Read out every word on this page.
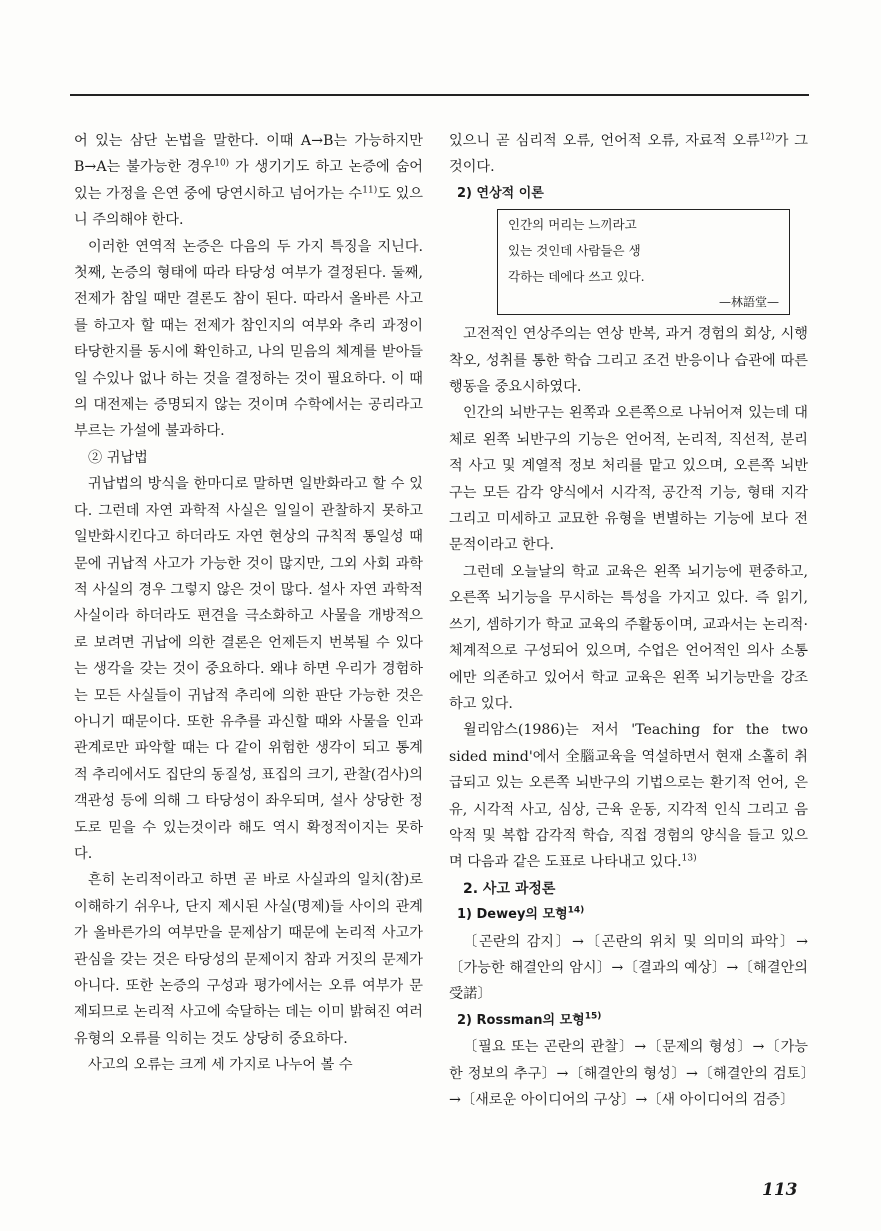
어 있는 삼단 논법을 말한다. 이때 A→B는 가능하지만 B→A는 불가능한 경우$^{10)}$ 가 생기기도 하고 논증에 숨어 있는 가정을 은연 중에 당연시하고 넘어가는 수$^{11)}$도 있으니 주의해야 한다.

이러한 연역적 논증은 다음의 두 가지 특징을 지닌다. 첫째, 논증의 형태에 따라 타당성 여부가 결정된다. 둘째, 전제가 참일 때만 결론도 참이 된다. 따라서 올바른 사고를 하고자 할 때는 전제가 참인지의 여부와 추리 과정이 타당한지를 동시에 확인하고, 나의 믿음의 체계를 받아들일 수있나 없나 하는 것을 결정하는 것이 필요하다. 이 때의 대전제는 증명되지 않는 것이며 수학에서는 공리라고 부르는 가설에 불과하다.

② 귀납법

귀납법의 방식을 한마디로 말하면 일반화라고 할 수 있다. 그런데 자연 과학적 사실은 일일이 관찰하지 못하고 일반화시킨다고 하더라도 자연 현상의 규칙적 통일성 때문에 귀납적 사고가 가능한 것이 많지만, 그외 사회 과학적 사실의 경우 그렇지 않은 것이 많다. 설사 자연 과학적 사실이라 하더라도 편견을 극소화하고 사물을 개방적으로 보려면 귀납에 의한 결론은 언제든지 번복될 수 있다는 생각을 갖는 것이 중요하다. 왜냐 하면 우리가 경험하는 모든 사실들이 귀납적 추리에 의한 판단 가능한 것은 아니기 때문이다. 또한 유추를 과신할 때와 사물을 인과 관계로만 파악할 때는 다 같이 위험한 생각이 되고 통계적 추리에서도 집단의 동질성, 표집의 크기, 관찰(검사)의 객관성 등에 의해 그 타당성이 좌우되며, 설사 상당한 정도로 믿을 수 있는것이라 해도 역시 확정적이지는 못하다.

흔히 논리적이라고 하면 곧 바로 사실과의 일치(참)로 이해하기 쉬우나, 단지 제시된 사실(명제)들 사이의 관계가 올바른가의 여부만을 문제삼기 때문에 논리적 사고가 관심을 갖는 것은 타당성의 문제이지 참과 거짓의 문제가 아니다. 또한 논증의 구성과 평가에서는 오류 여부가 문제되므로 논리적 사고에 숙달하는 데는 이미 밝혀진 여러 유형의 오류를 익히는 것도 상당히 중요하다.

사고의 오류는 크게 세 가지로 나누어 볼 수

있으니 곧 심리적 오류, 언어적 오류, 자료적 오류$^{12)}$가 그것이다.

2) 연상적 이론

인간의 머리는 느끼라고

있는 것인데 사람들은 생

각하는 데에다 쓰고 있다.

—林語堂—

고전적인 연상주의는 연상 반복, 과거 경험의 회상, 시행 착오, 성취를 통한 학습 그리고 조건 반응이나 습관에 따른 행동을 중요시하였다.

인간의 뇌반구는 왼쪽과 오른쪽으로 나뉘어져 있는데 대체로 왼쪽 뇌반구의 기능은 언어적, 논리적, 직선적, 분리적 사고 및 계열적 정보 처리를 맡고 있으며, 오른쪽 뇌반구는 모든 감각 양식에서 시각적, 공간적 기능, 형태 지각 그리고 미세하고 교묘한 유형을 변별하는 기능에 보다 전문적이라고 한다.

그런데 오늘날의 학교 교육은 왼쪽 뇌기능에 편중하고, 오른쪽 뇌기능을 무시하는 특성을 가지고 있다. 즉 읽기, 쓰기, 셈하기가 학교 교육의 주활동이며, 교과서는 논리적·체계적으로 구성되어 있으며, 수업은 언어적인 의사 소통에만 의존하고 있어서 학교 교육은 왼쪽 뇌기능만을 강조하고 있다.

윌리암스(1986)는 저서 'Teaching for the two sided mind'에서 全腦교육을 역설하면서 현재 소홀히 취급되고 있는 오른쪽 뇌반구의 기법으로는 환기적 언어, 은유, 시각적 사고, 심상, 근육 운동, 지각적 인식 그리고 음악적 및 복합 감각적 학습, 직접 경험의 양식을 들고 있으며 다음과 같은 도표로 나타내고 있다.$^{13)}$

2. 사고 과정론

1) Dewey의 모형$^{14)}$

〔곤란의 감지〕→〔곤란의 위치 및 의미의 파악〕→〔가능한 해결안의 암시〕→〔결과의 예상〕→〔해결안의 受諾〕

2) Rossman의 모형$^{15)}$

〔필요 또는 곤란의 관찰〕→〔문제의 형성〕→〔가능한 정보의 추구〕→〔해결안의 형성〕→〔해결안의 검토〕→〔새로운 아이디어의 구상〕→〔새 아이디어의 검증〕

113
